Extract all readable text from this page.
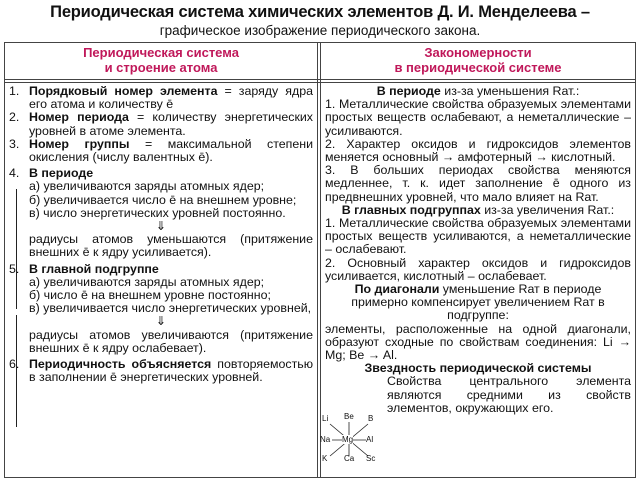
Периодическая система химических элементов Д. И. Менделеева –
графическое изображение периодического закона.
Периодическая система
и строение атома
Закономерности
в периодической системе
1. Порядковый номер элемента = заряду ядра его атома и количеству ē
2. Номер периода = количеству энергетических уровней в атоме элемента.
3. Номер группы = максимальной степени окисления (числу валентных ē).
4. В периоде

а) увеличиваются заряды атомных ядер;

б) увеличивается число ē на внешнем уровне;

в) число энергетических уровней постоянно.

⇓

радиусы атомов уменьшаются (притяжение внешних ē к ядру усиливается).

5. В главной подгруппе

а) увеличиваются заряды атомных ядер;

б) число ē на внешнем уровне постоянно;

в) увеличивается число энергетических уровней,

⇓

радиусы атомов увеличиваются (притяжение внешних ē к ядру ослабевает).

6. Периодичность объясняется повторяемостью в заполнении ē энергетических уровней.

В периоде из-за уменьшения Rат.:

1. Металлические свойства образуемых элементами простых веществ ослабевают, а неметаллические – усиливаются.

2. Характер оксидов и гидроксидов элементов меняется основный → амфотерный → кислотный.

3. В больших периодах свойства меняются медленнее, т. к. идет заполнение ē одного из предвнешних уровней, что мало влияет на Rат.

В главных подгруппах из-за увеличения Rат.:

1. Металлические свойства образуемых элементами простых веществ усиливаются, а неметаллические – ослабевают.

2. Основный характер оксидов и гидроксидов усиливается, кислотный – ослабевает.

По диагонали уменьшение Rат в периоде примерно компенсирует увеличением Rат в подгруппе:

элементы, расположенные на одной диагонали, образуют сходные по свойствам соединения: Li → Mg; Be → Al.

Звездность периодической системы

Свойства центрального элемента являются средними из свойств элементов, окружающих его.

Li Be B
Na Mg Al
K Ca Sc
